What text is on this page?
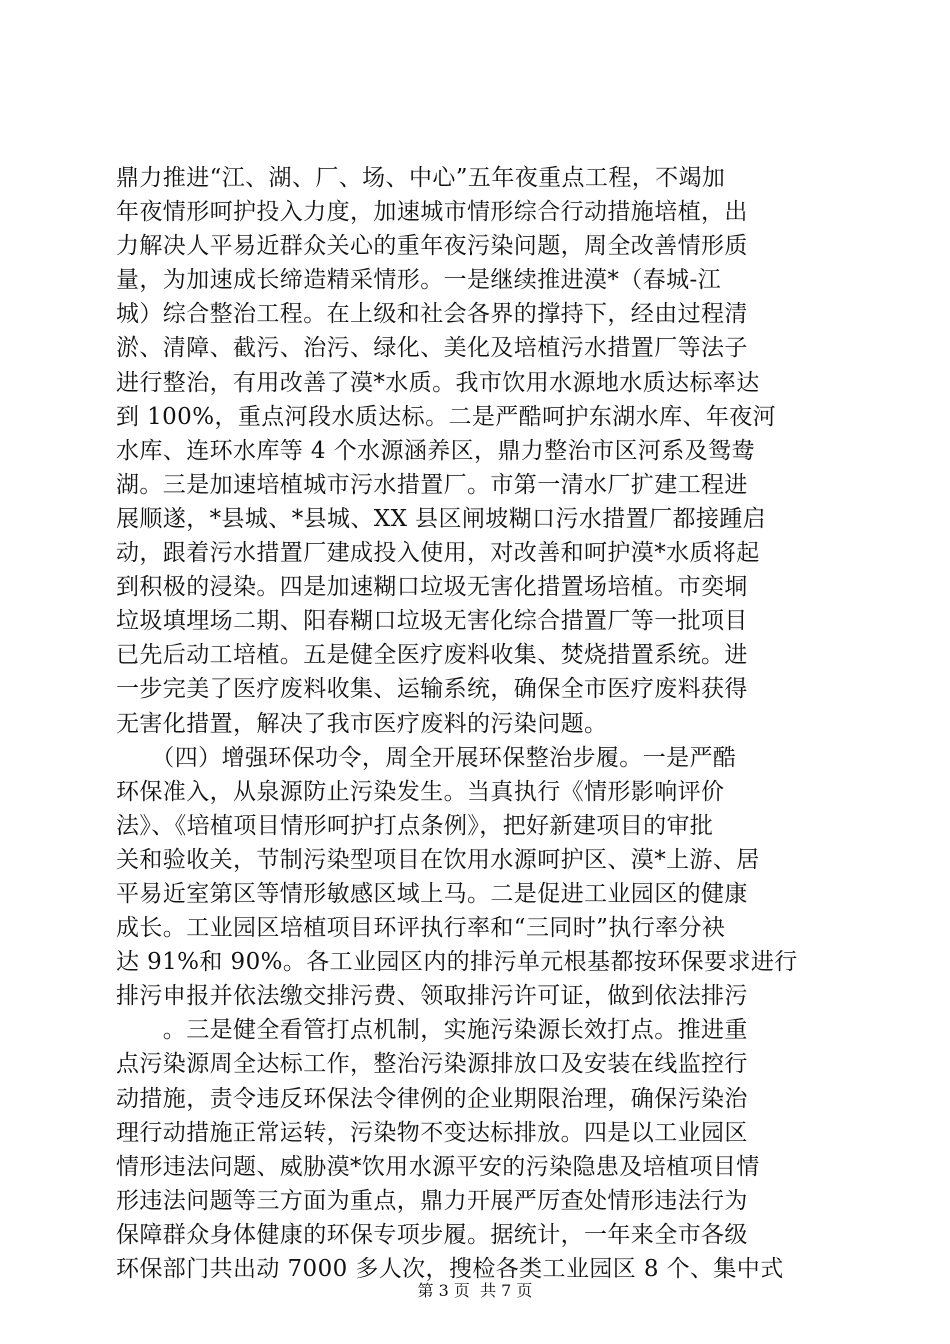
鼎力推进“江、湖、厂、场、中心”五年夜重点工程，不竭加
年夜情形呵护投入力度，加速城市情形综合行动措施培植，出
力解决人平易近群众关心的重年夜污染问题，周全改善情形质
量，为加速成长缔造精采情形。一是继续推进漠*（春城-江
城）综合整治工程。在上级和社会各界的撑持下，经由过程清
淤、清障、截污、治污、绿化、美化及培植污水措置厂等法子
进行整治，有用改善了漠*水质。我市饮用水源地水质达标率达
到 100%，重点河段水质达标。二是严酷呵护东湖水库、年夜河
水库、连环水库等 4 个水源涵养区，鼎力整治市区河系及鸳鸯
湖。三是加速培植城市污水措置厂。市第一清水厂扩建工程进
展顺遂，*县城、*县城、XX 县区闸坡糊口污水措置厂都接踵启
动，跟着污水措置厂建成投入使用，对改善和呵护漠*水质将起
到积极的浸染。四是加速糊口垃圾无害化措置场培植。市奕垌
垃圾填埋场二期、阳春糊口垃圾无害化综合措置厂等一批项目
已先后动工培植。五是健全医疗废料收集、焚烧措置系统。进
一步完美了医疗废料收集、运输系统，确保全市医疗废料获得
无害化措置，解决了我市医疗废料的污染问题。
　　（四）增强环保功令，周全开展环保整治步履。一是严酷
环保准入，从泉源防止污染发生。当真执行《情形影响评价
法》、《培植项目情形呵护打点条例》，把好新建项目的审批
关和验收关，节制污染型项目在饮用水源呵护区、漠*上游、居
平易近室第区等情形敏感区域上马。二是促进工业园区的健康
成长。工业园区培植项目环评执行率和“三同时”执行率分袂
达 91%和 90%。各工业园区内的排污单元根基都按环保要求进行
排污申报并依法缴交排污费、领取排污许可证，做到依法排污
　　。三是健全看管打点机制，实施污染源长效打点。推进重
点污染源周全达标工作，整治污染源排放口及安装在线监控行
动措施，责令违反环保法令律例的企业期限治理，确保污染治
理行动措施正常运转，污染物不变达标排放。四是以工业园区
情形违法问题、威胁漠*饮用水源平安的污染隐患及培植项目情
形违法问题等三方面为重点，鼎力开展严厉查处情形违法行为
保障群众身体健康的环保专项步履。据统计，一年来全市各级
环保部门共出动 7000 多人次，搜检各类工业园区 8 个、集中式
第 3 页  共 7 页
